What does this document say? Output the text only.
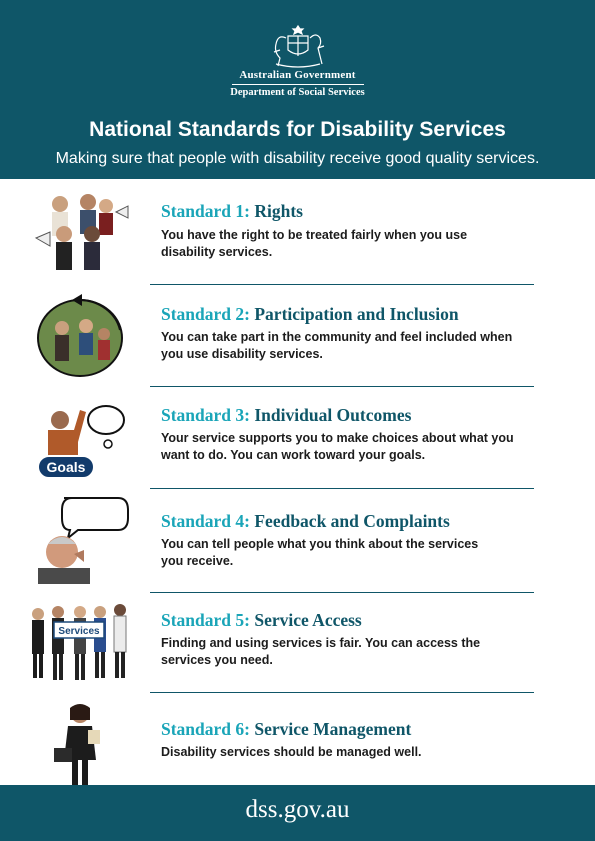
Australian Government
Department of Social Services
National Standards for Disability Services
Making sure that people with disability receive good quality services.
Standard 1: Rights
You have the right to be treated fairly when you use
disability services.
Standard 2: Participation and Inclusion
You can take part in the community and feel included when
you use disability services.
Goals
Standard 3: Individual Outcomes
Your service supports you to make choices about what you
want to do. You can work toward your goals.
Standard 4: Feedback and Complaints
You can tell people what you think about the services
you receive.
Services
Standard 5: Service Access
Finding and using services is fair. You can access the
services you need.
Standard 6: Service Management
Disability services should be managed well.
dss.gov.au
